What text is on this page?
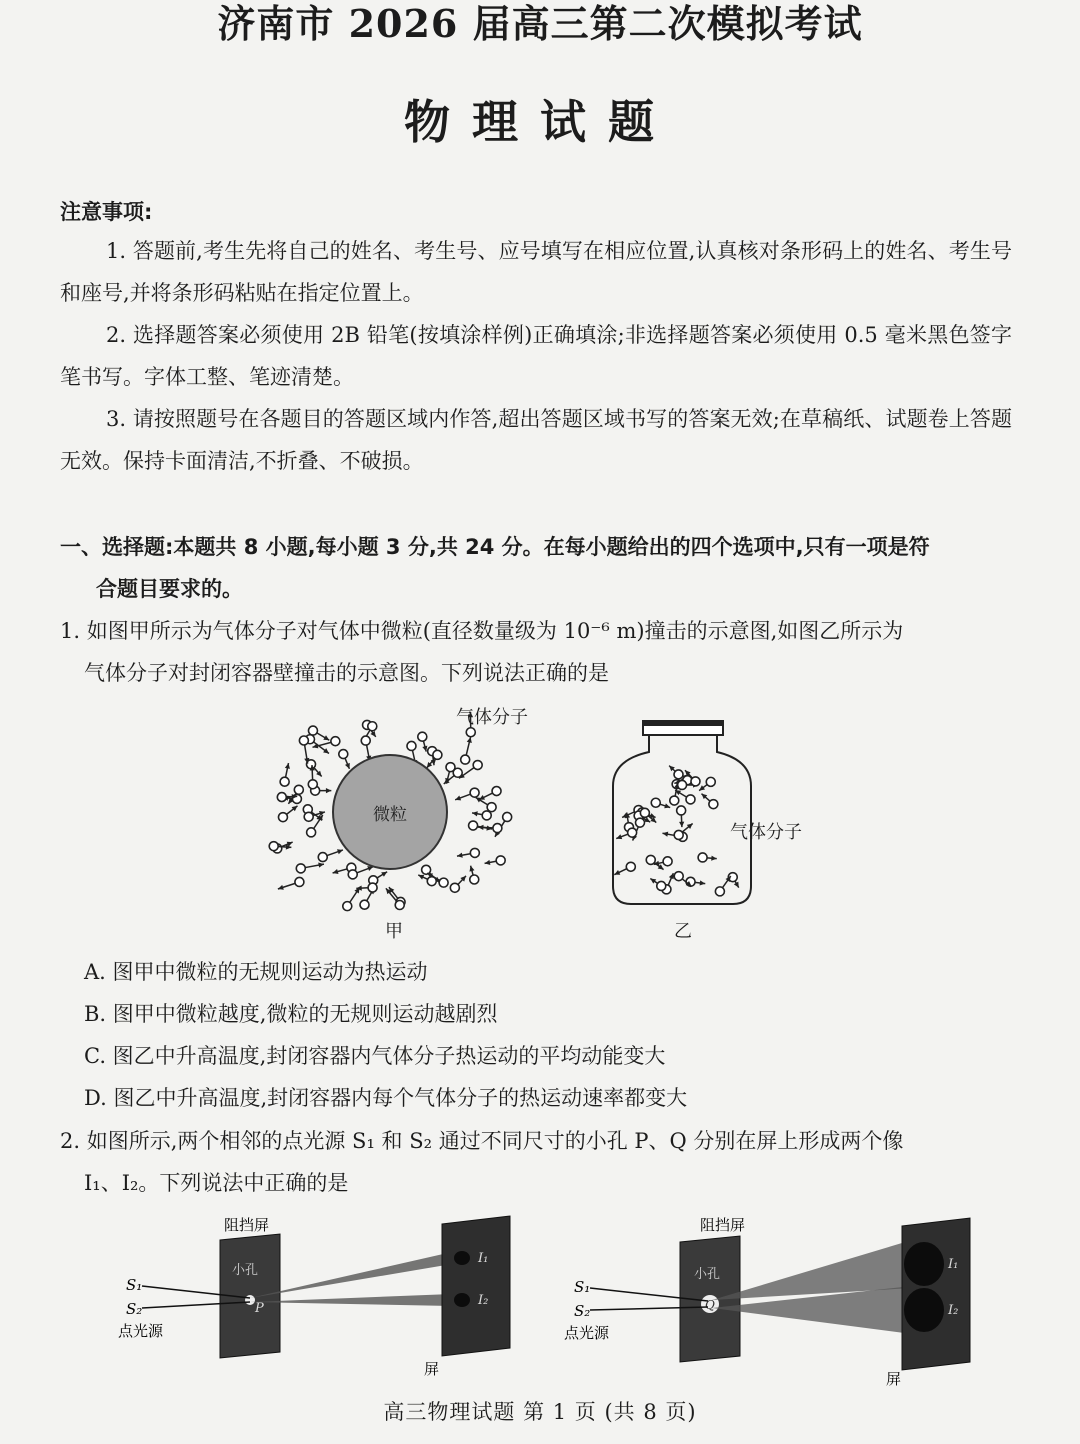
济南市 2026 届高三第二次模拟考试
物理试题
注意事项:
1. 答题前,考生先将自己的姓名、考生号、应号填写在相应位置,认真核对条形码上的姓名、考生号和座号,并将条形码粘贴在指定位置上。
2. 选择题答案必须使用 2B 铅笔(按填涂样例)正确填涂;非选择题答案必须使用 0.5 毫米黑色签字笔书写。字体工整、笔迹清楚。
3. 请按照题号在各题目的答题区域内作答,超出答题区域书写的答案无效;在草稿纸、试题卷上答题无效。保持卡面清洁,不折叠、不破损。
一、选择题:本题共 8 小题,每小题 3 分,共 24 分。在每小题给出的四个选项中,只有一项是符
合题目要求的。
1. 如图甲所示为气体分子对气体中微粒(直径数量级为 10⁻⁶ m)撞击的示意图,如图乙所示为
气体分子对封闭容器壁撞击的示意图。下列说法正确的是
微粒
气体分子
甲
气体分子
乙
A. 图甲中微粒的无规则运动为热运动
B. 图甲中微粒越度,微粒的无规则运动越剧烈
C. 图乙中升高温度,封闭容器内气体分子热运动的平均动能变大
D. 图乙中升高温度,封闭容器内每个气体分子的热运动速率都变大
2. 如图所示,两个相邻的点光源 S₁ 和 S₂ 通过不同尺寸的小孔 P、Q 分别在屏上形成两个像
I₁、I₂。下列说法中正确的是
阻挡屏
小孔
P
S₁
S₂
点光源
I₁
I₂
屏
阻挡屏
小孔
Q
S₁
S₂
点光源
I₁
I₂
屏
高三物理试题 第 1 页 (共 8 页)
